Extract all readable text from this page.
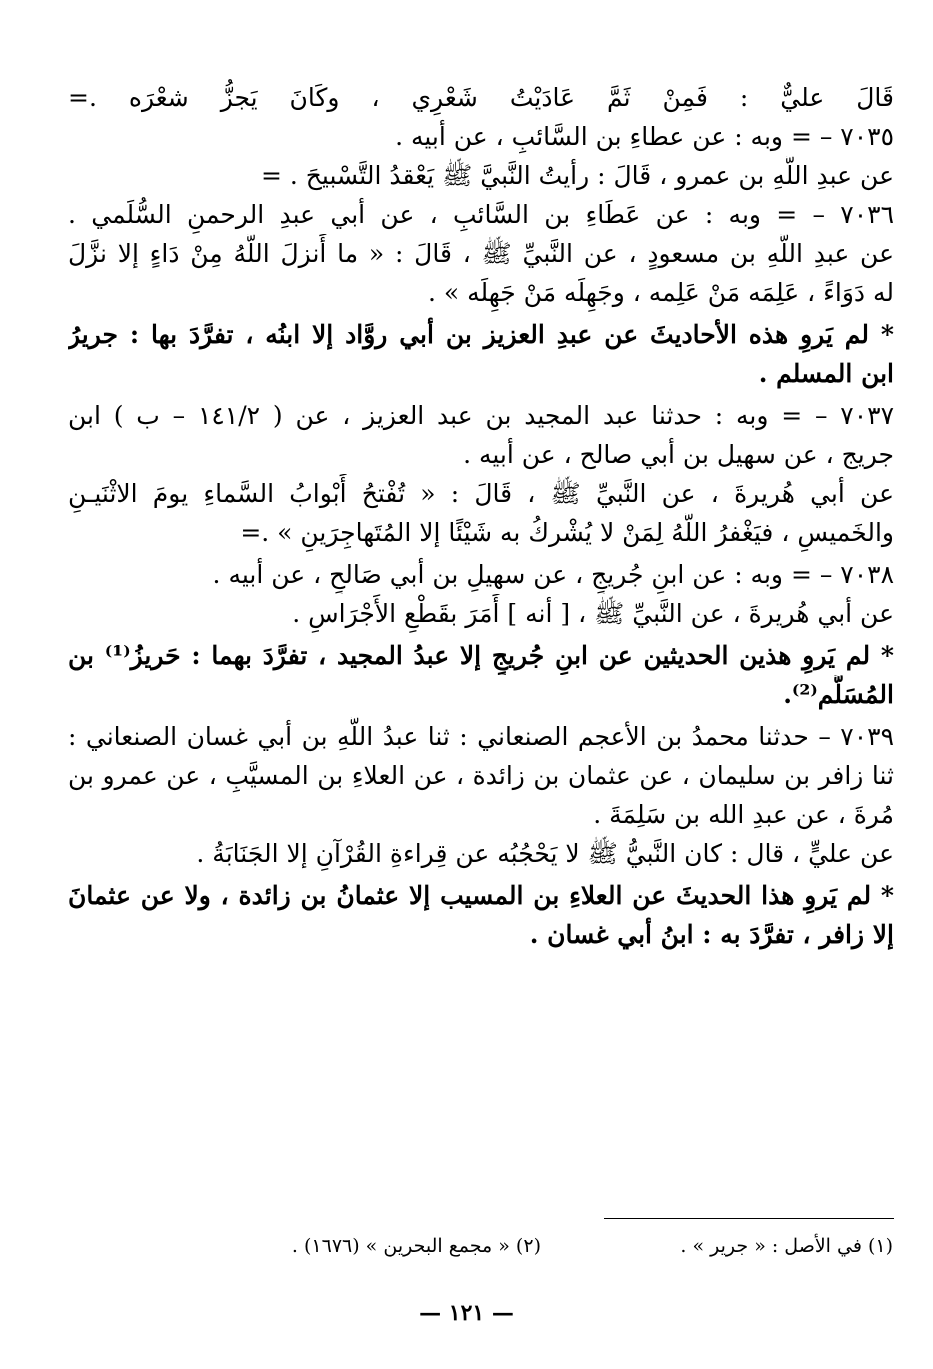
قَالَ عليٌّ : فَمِنْ ثَمَّ عَادَيْتُ شَعْرِي ، وكَانَ يَجزُّ شعْرَه .=
٧٠٣٥ – = وبه : عن عطاءِ بن السَّائبِ ، عن أبيه .
عن عبدِ اللَّهِ بن عمرو ، قَالَ : رأيتُ النَّبيَّ ﷺ يَعْقدُ التَّسْبيحَ . =
٧٠٣٦ – = وبه : عن عَطَاءِ بن السَّائبِ ، عن أبي عبدِ الرحمنِ السُّلَمي .
عن عبدِ اللَّهِ بن مسعودٍ ، عن النَّبيِّ ﷺ ، قَالَ : « ما أَنزلَ اللَّهُ مِنْ دَاءٍ إلا نزَّلَ
له دَوَاءً ، عَلِمَه مَنْ عَلِمه ، وجَهِلَه مَنْ جَهِلَه » .
* لم يَروِ هذه الأحاديثَ عن عبدِ العزيز بن أبي روَّاد إلا ابنُه ، تفرَّدَ بها : جريرُ
ابن المسلم .
٧٠٣٧ – = وبه : حدثنا عبد المجيد بن عبد العزيز ، عن ( ١٤١/٢ – ب ) ابن
جريج ، عن سهيل بن أبي صالح ، عن أبيه .
عن أبي هُريرةَ ، عن النَّبيِّ ﷺ ، قَالَ : « تُفْتحُ أَبْوابُ السَّماءِ يومَ الاثْنَيـنِ
والخَميسِ ، فيَغْفرُ اللَّهُ لِمَنْ لا يُشْركُ به شَيْئًا إلا المُتَهاجِرَينِ » .=
٧٠٣٨ – = وبه : عن ابنِ جُريجٍ ، عن سهيلِ بن أبي صَالحٍ ، عن أبيه .
عن أبي هُريرةَ ، عن النَّبيِّ ﷺ ، [ أنه ] أَمَرَ بقَطْعِ الأَجْرَاسِ .
* لم يَروِ هذين الحديثين عن ابنِ جُريجٍ إلا عبدُ المجيد ، تفرَّدَ بهما : حَريزُ⁽¹⁾ بن
المُسَلَّم⁽²⁾.
٧٠٣٩ – حدثنا محمدُ بن الأعجم الصنعاني : ثنا عبدُ اللَّهِ بن أبي غسان الصنعاني :
ثنا زافر بن سليمان ، عن عثمان بن زائدة ، عن العلاءِ بن المسيَّبِ ، عن عمرو بن
مُرةَ ، عن عبدِ الله بن سَلِمَةَ .
عن عليٍّ ، قال : كان النَّبيُّ ﷺ لا يَحْجُبُه عن قِراءةِ القُرْآنِ إلا الجَنَابَةُ .
* لم يَروِ هذا الحديثَ عن العلاءِ بن المسيب إلا عثمانُ بن زائدة ، ولا عن عثمانَ
إلا زافر ، تفرَّدَ به : ابنُ أبي غسان .
(١) في الأصل : « جرير » .
(٢) « مجمع البحرين » (١٦٧٦) .
— ١٢١ —
